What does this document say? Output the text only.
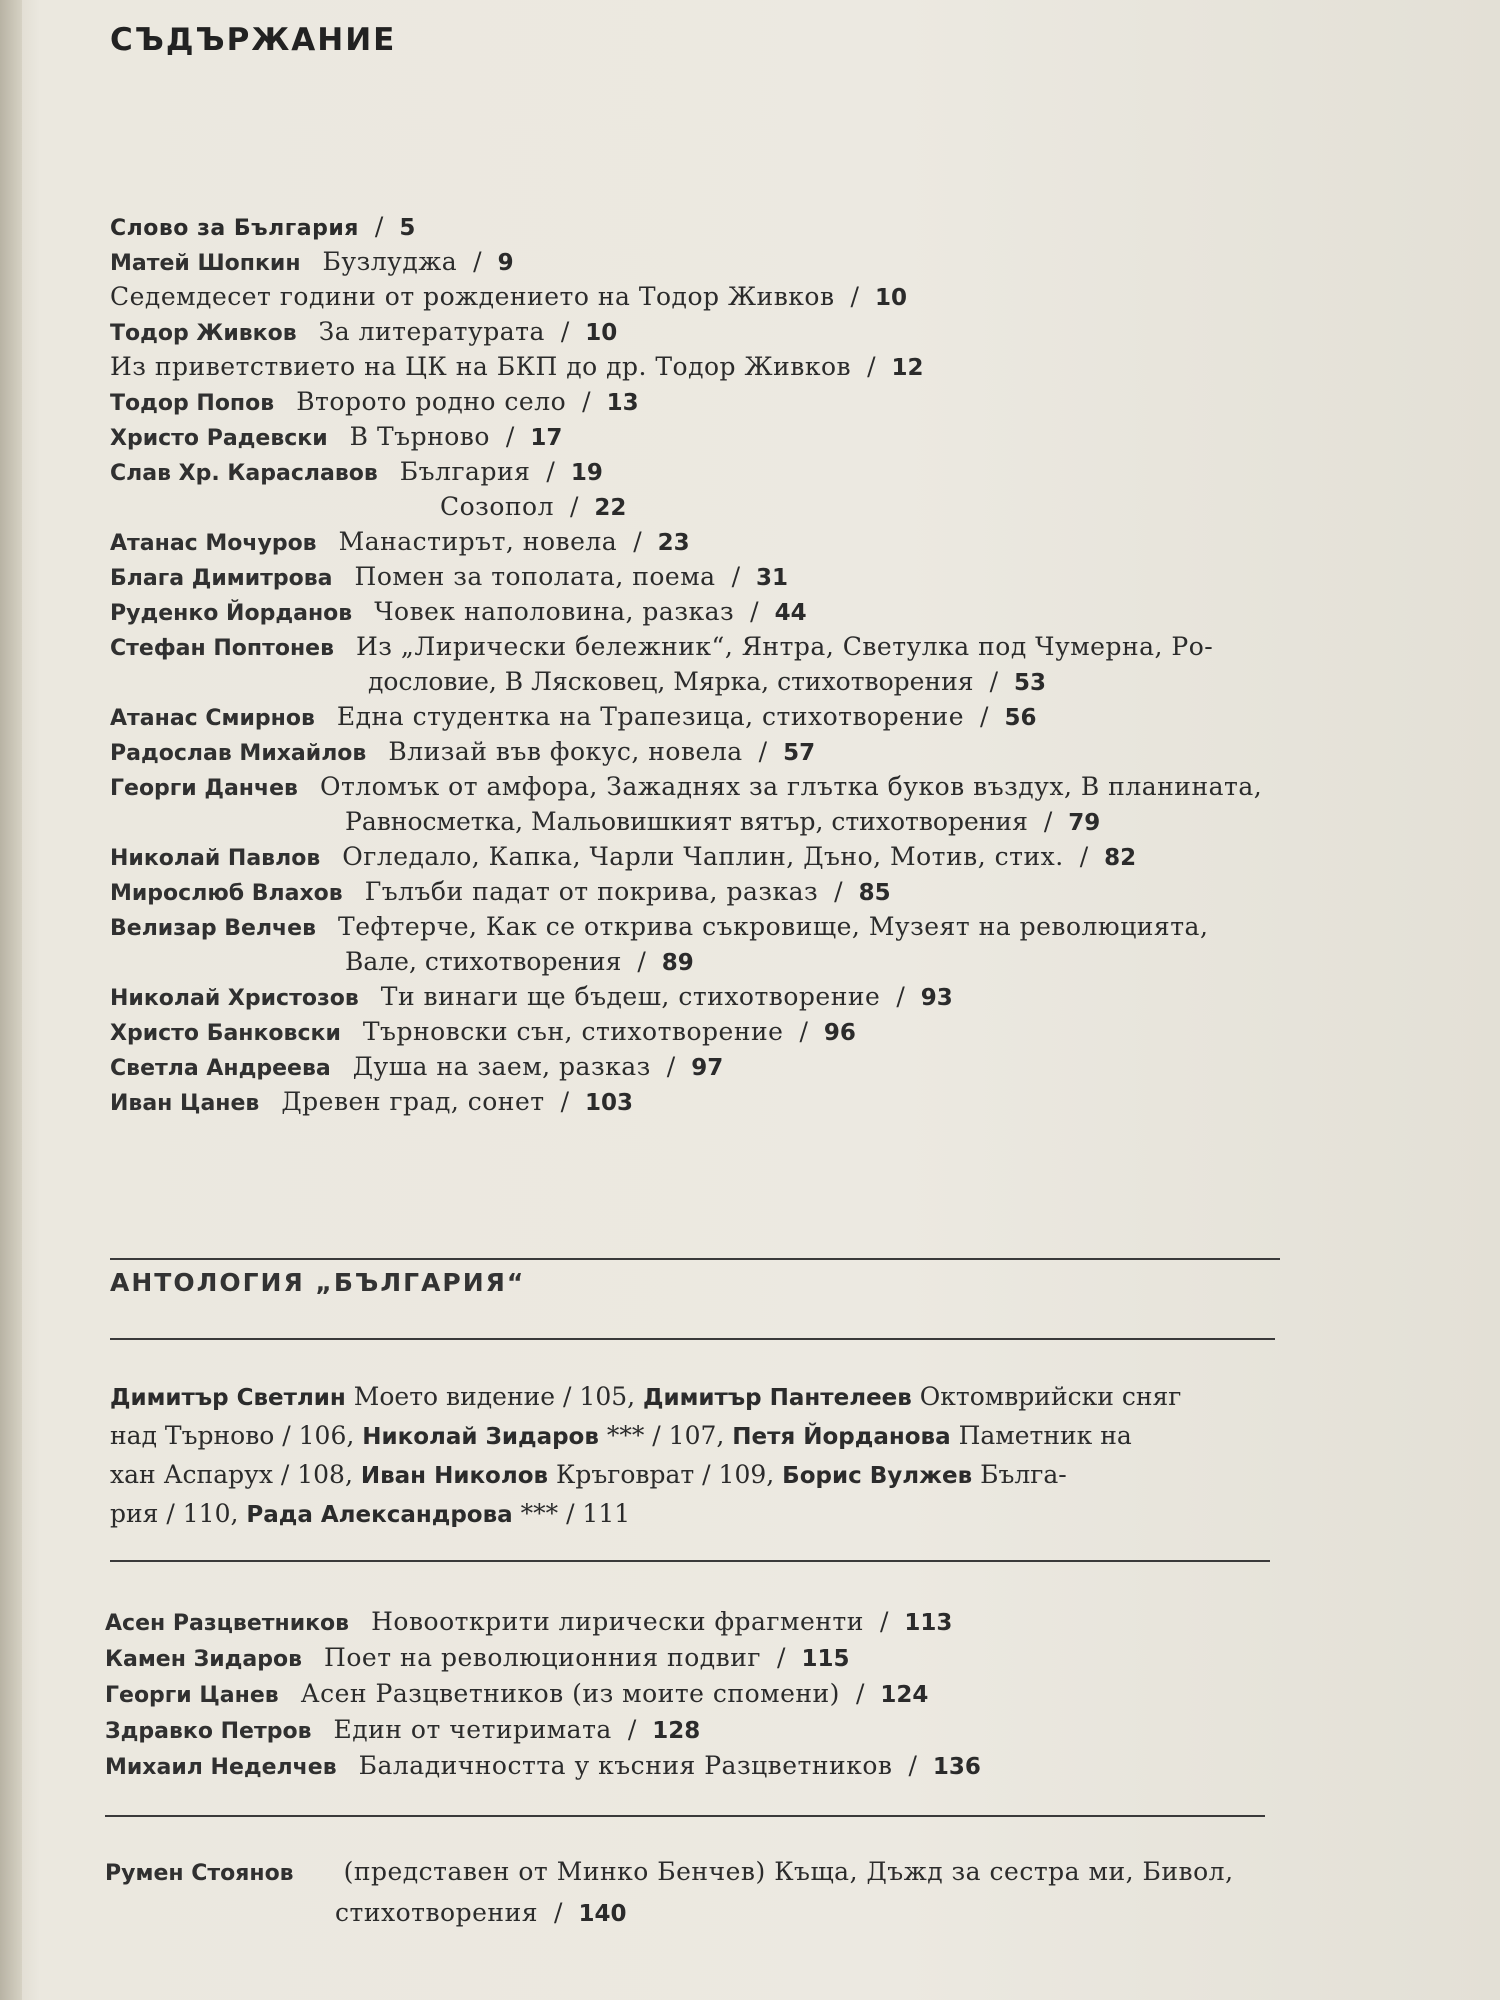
СЪДЪРЖАНИЕ
Слово за България / 5
Матей Шопкин Бузлуджа / 9
Седемдесет години от рождението на Тодор Живков / 10
Тодор Живков За литературата / 10
Из приветствието на ЦК на БКП до др. Тодор Живков / 12
Тодор Попов Второто родно село / 13
Христо Радевски В Търново / 17
Слав Хр. Караславов България / 19
Созопол / 22
Атанас Мочуров Манастирът, новела / 23
Блага Димитрова Помен за тополата, поема / 31
Руденко Йорданов Човек наполовина, разказ / 44
Стефан Поптонев Из „Лирически бележник“, Янтра, Светулка под Чумерна, Ро-
дословие, В Лясковец, Мярка, стихотворения / 53
Атанас Смирнов Една студентка на Трапезица, стихотворение / 56
Радослав Михайлов Влизай във фокус, новела / 57
Георги Данчев Отломък от амфора, Зажаднях за глътка буков въздух, В планината,
Равносметка, Мальовишкият вятър, стихотворения / 79
Николай Павлов Огледало, Капка, Чарли Чаплин, Дъно, Мотив, стих. / 82
Мирослюб Влахов Гълъби падат от покрива, разказ / 85
Велизар Велчев Тефтерче, Как се открива съкровище, Музеят на революцията,
Вале, стихотворения / 89
Николай Христозов Ти винаги ще бъдеш, стихотворение / 93
Христо Банковски Търновски сън, стихотворение / 96
Светла Андреева Душа на заем, разказ / 97
Иван Цанев Древен град, сонет / 103
АНТОЛОГИЯ „БЪЛГАРИЯ“
Димитър Светлин Моето видение / 105, Димитър Пантелеев Октомврийски сняг
над Търново / 106, Николай Зидаров *** / 107, Петя Йорданова Паметник на
хан Аспарух / 108, Иван Николов Кръговрат / 109, Борис Вулжев Бълга-
рия / 110, Рада Александрова *** / 111
Асен Разцветников Новооткрити лирически фрагменти / 113
Камен Зидаров Поет на революционния подвиг / 115
Георги Цанев Асен Разцветников (из моите спомени) / 124
Здравко Петров Един от четиримата / 128
Михаил Неделчев Баладичността у късния Разцветников / 136
Румен Стоянов (представен от Минко Бенчев) Къща, Дъжд за сестра ми, Бивол,
стихотворения / 140
